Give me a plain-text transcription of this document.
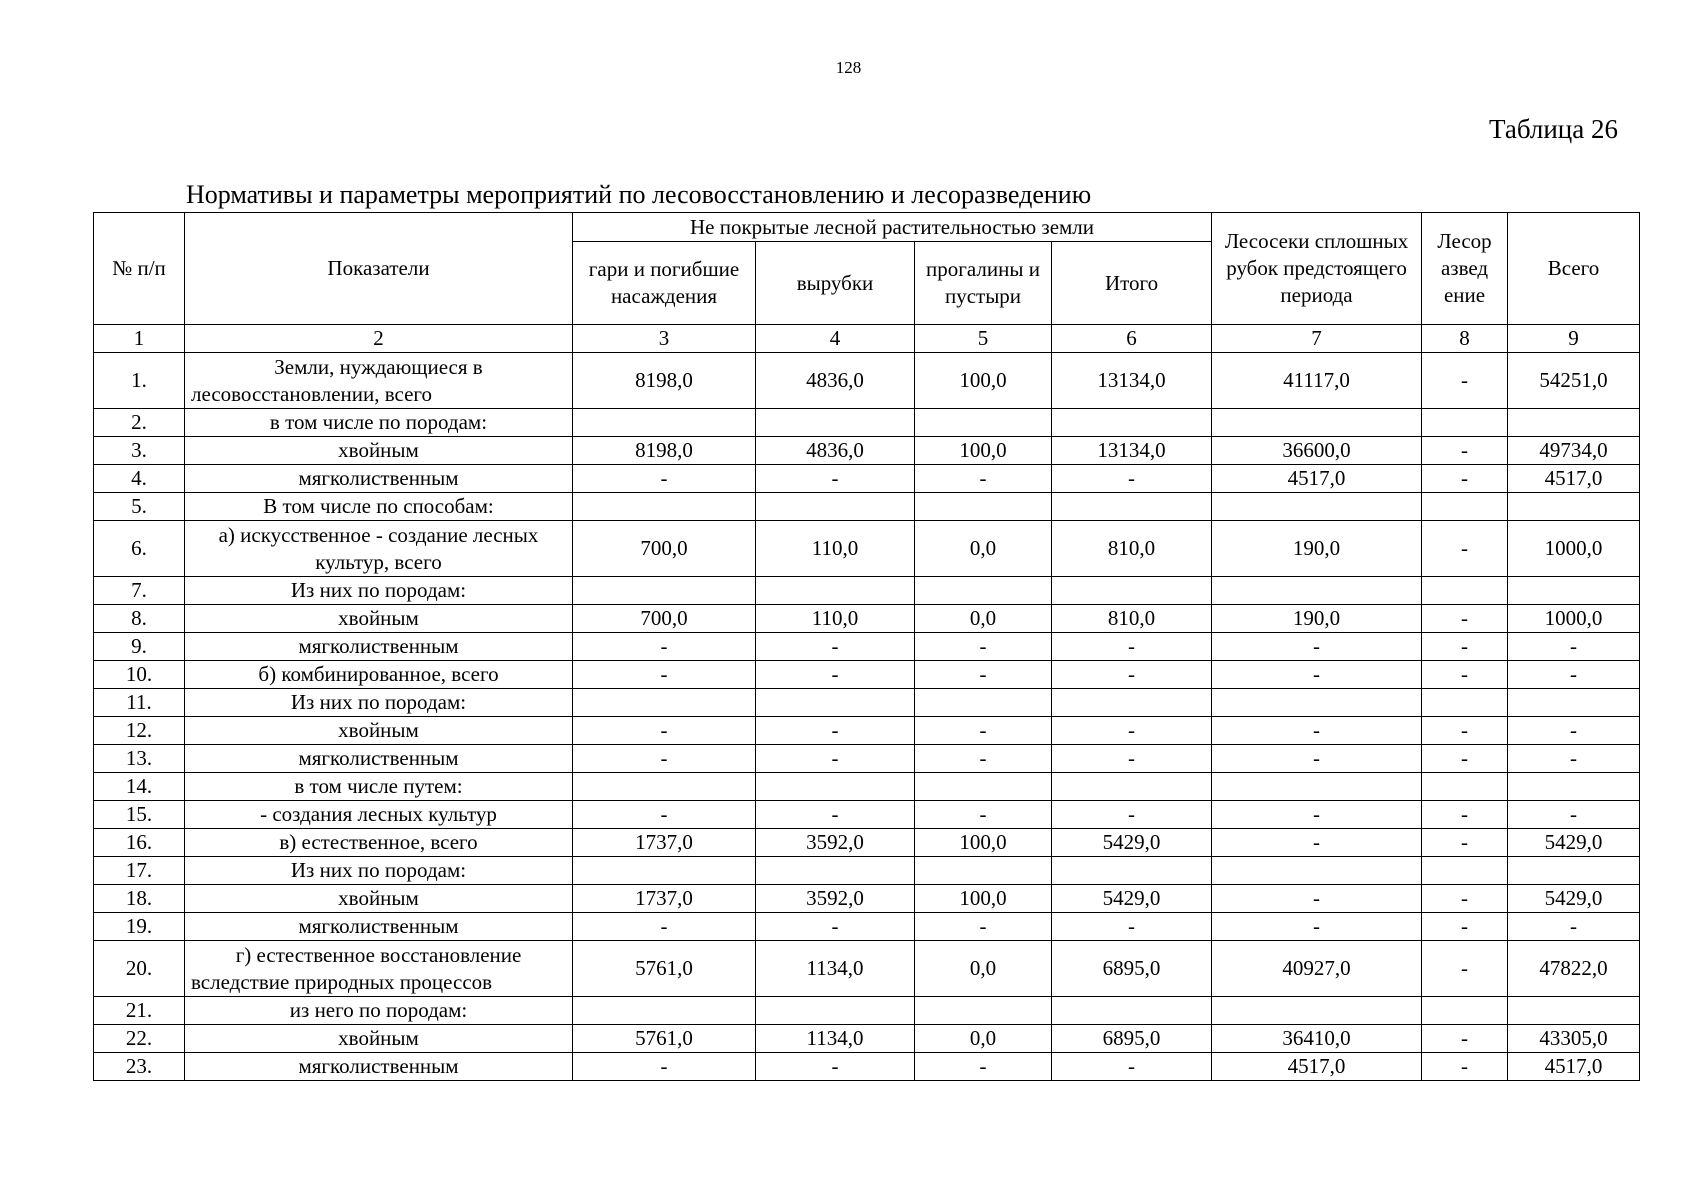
128
Таблица 26
Нормативы и параметры мероприятий по лесовосстановлению и лесоразведению
№ п/п	Показатели	Не покрытые лесной растительностью земли				Лесосеки сплошных рубок предстоящего периода	Лесор азвед ение	Всего
		гари и погибшие насаждения	вырубки	прогалины и пустыри	Итого			
1	2	3	4	5	6	7	8	9
1.	Земли, нуждающиеся в лесовосстановлении, всего	8198,0	4836,0	100,0	13134,0	41117,0	-	54251,0
2.	в том числе по породам:							
3.	хвойным	8198,0	4836,0	100,0	13134,0	36600,0	-	49734,0
4.	мягколиственным	-	-	-	-	4517,0	-	4517,0
5.	В том числе по способам:							
6.	а) искусственное - создание лесных культур, всего	700,0	110,0	0,0	810,0	190,0	-	1000,0
7.	Из них по породам:							
8.	хвойным	700,0	110,0	0,0	810,0	190,0	-	1000,0
9.	мягколиственным	-	-	-	-	-	-	-
10.	б) комбинированное, всего	-	-	-	-	-	-	-
11.	Из них по породам:							
12.	хвойным	-	-	-	-	-	-	-
13.	мягколиственным	-	-	-	-	-	-	-
14.	в том числе путем:							
15.	- создания лесных культур	-	-	-	-	-	-	-
16.	в) естественное, всего	1737,0	3592,0	100,0	5429,0	-	-	5429,0
17.	Из них по породам:							
18.	хвойным	1737,0	3592,0	100,0	5429,0	-	-	5429,0
19.	мягколиственным	-	-	-	-	-	-	-
20.	г) естественное восстановление вследствие природных процессов	5761,0	1134,0	0,0	6895,0	40927,0	-	47822,0
21.	из него по породам:							
22.	хвойным	5761,0	1134,0	0,0	6895,0	36410,0	-	43305,0
23.	мягколиственным	-	-	-	-	4517,0	-	4517,0
